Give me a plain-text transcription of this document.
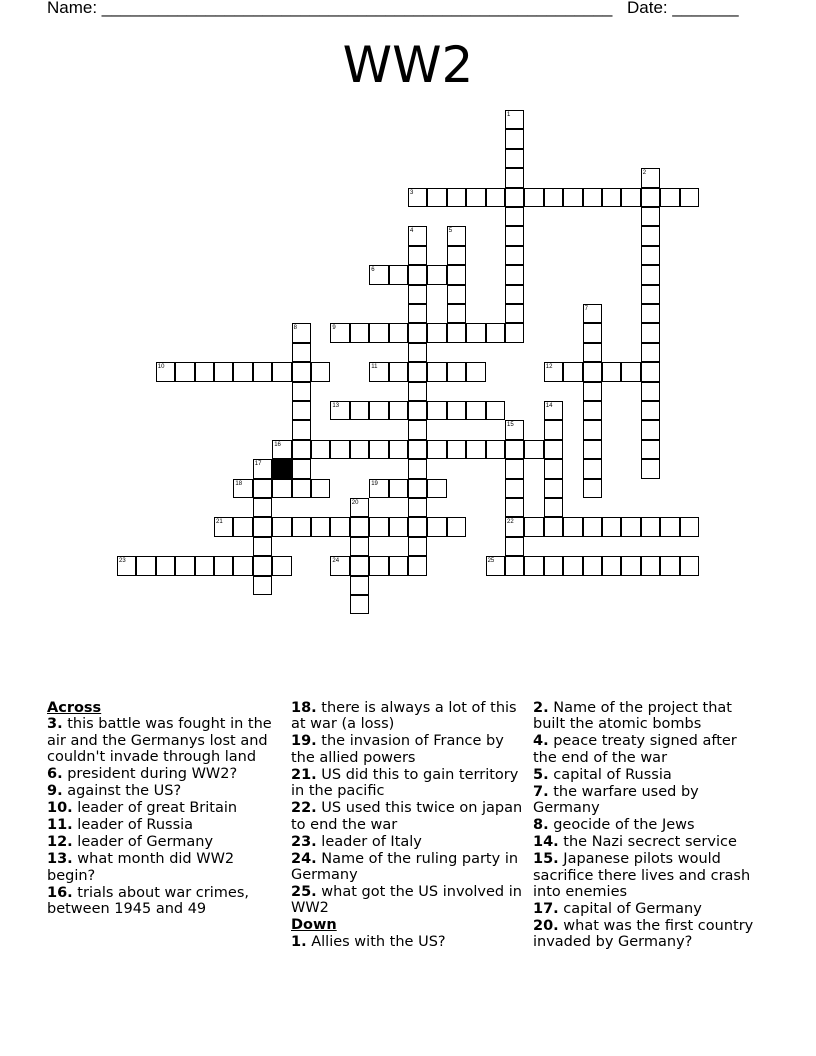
Name: ______________________________________________________ Date: _______
WW2
1
2
3
4	5
6
7
8	9
10	11	12
13	14
15
16
17
18	19
20
21	22
23	24	25

Across

3. this battle was fought in the air and the Germanys lost and couldn't invade through land

6. president during WW2?

9. against the US?

10. leader of great Britain

11. leader of Russia

12. leader of Germany

13. what month did WW2 begin?

16. trials about war crimes, between 1945 and 49

18. there is always a lot of this at war (a loss)

19. the invasion of France by the allied powers

21. US did this to gain territory in the pacific

22. US used this twice on japan to end the war

23. leader of Italy

24. Name of the ruling party in Germany

25. what got the US involved in WW2

Down

1. Allies with the US?

2. Name of the project that built the atomic bombs

4. peace treaty signed after the end of the war

5. capital of Russia

7. the warfare used by Germany

8. geocide of the Jews

14. the Nazi secrect service

15. Japanese pilots would sacrifice there lives and crash into enemies

17. capital of Germany

20. what was the first country invaded by Germany?
